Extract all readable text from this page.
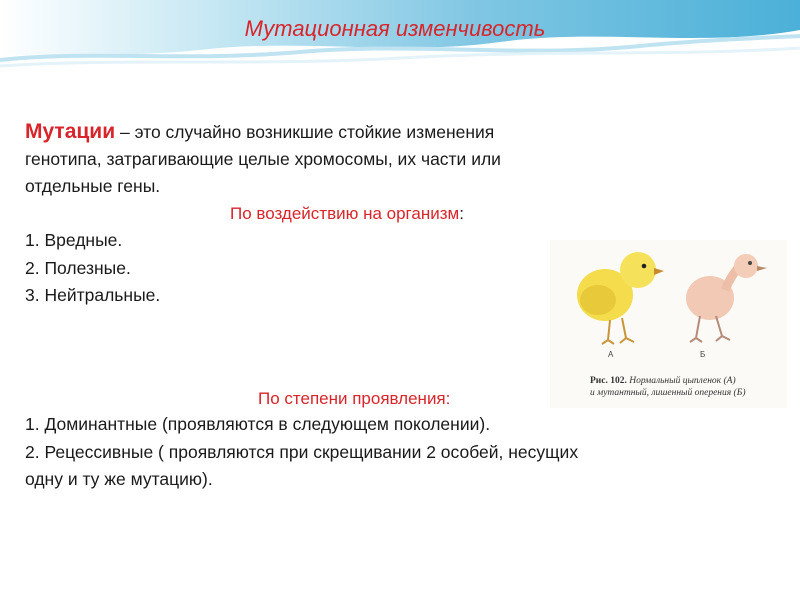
Мутационная изменчивость
Мутации – это случайно возникшие стойкие изменения
генотипа, затрагивающие целые хромосомы, их части или
отдельные гены.
По воздействию на организм:
1. Вредные.
2. Полезные.
3. Нейтральные.
А	Б
Рис. 102. Нормальный цыпленок (А)
и мутантный, лишенный оперения (Б)
По степени проявления:
1. Доминантные (проявляются в следующем поколении).
2. Рецессивные ( проявляются при скрещивании 2 особей, несущих
одну и ту же мутацию).
